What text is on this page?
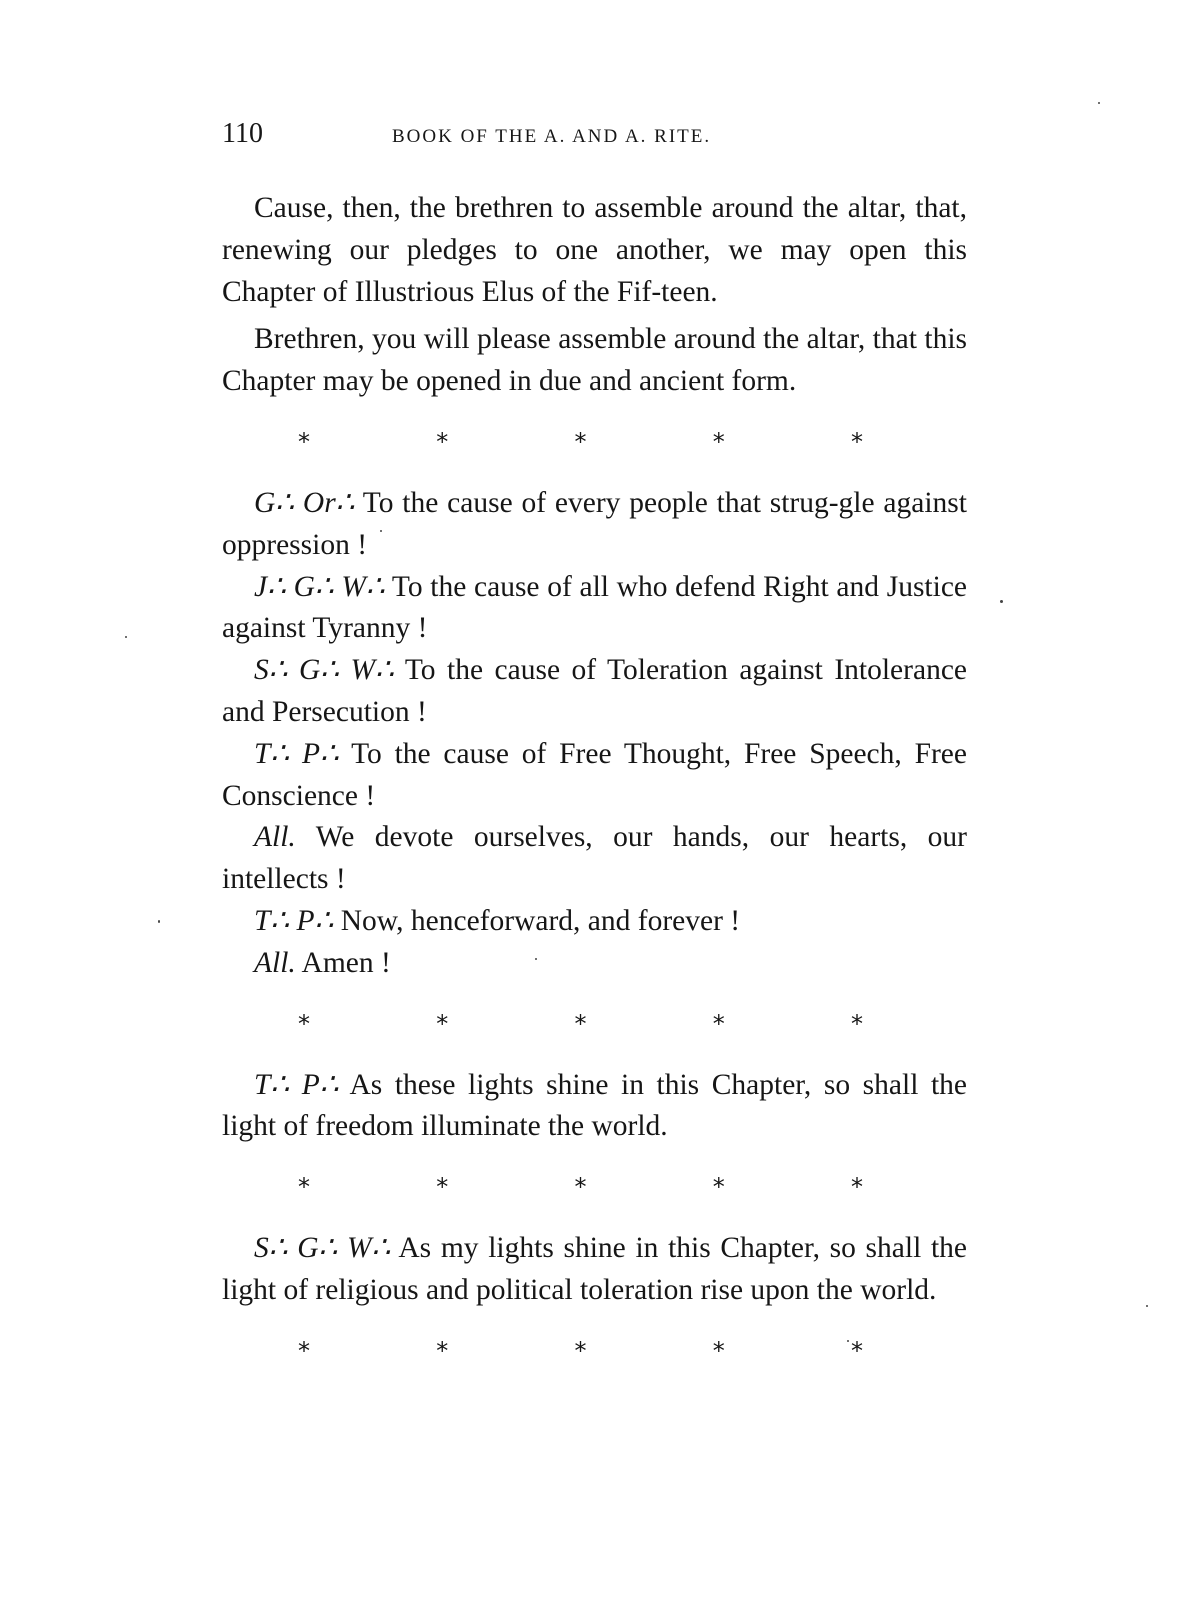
110	BOOK OF THE A. AND A. RITE.

Cause, then, the brethren to assemble around the altar, that, renewing our pledges to one another, we may open this Chapter of Illustrious Elus of the Fif-teen.

Brethren, you will please assemble around the altar, that this Chapter may be opened in due and ancient form.

*	*	*	*	*

G∴ Or∴ To the cause of every people that strug-gle against oppression !

J∴ G∴ W∴ To the cause of all who defend Right and Justice against Tyranny !

S∴ G∴ W∴ To the cause of Toleration against Intolerance and Persecution !

T∴ P∴ To the cause of Free Thought, Free Speech, Free Conscience !

All. We devote ourselves, our hands, our hearts, our intellects !

T∴ P∴ Now, henceforward, and forever !

All. Amen !

*	*	*	*	*

T∴ P∴ As these lights shine in this Chapter, so shall the light of freedom illuminate the world.

*	*	*	*	*

S∴ G∴ W∴ As my lights shine in this Chapter, so shall the light of religious and political toleration rise upon the world.

*	*	*	*	*
